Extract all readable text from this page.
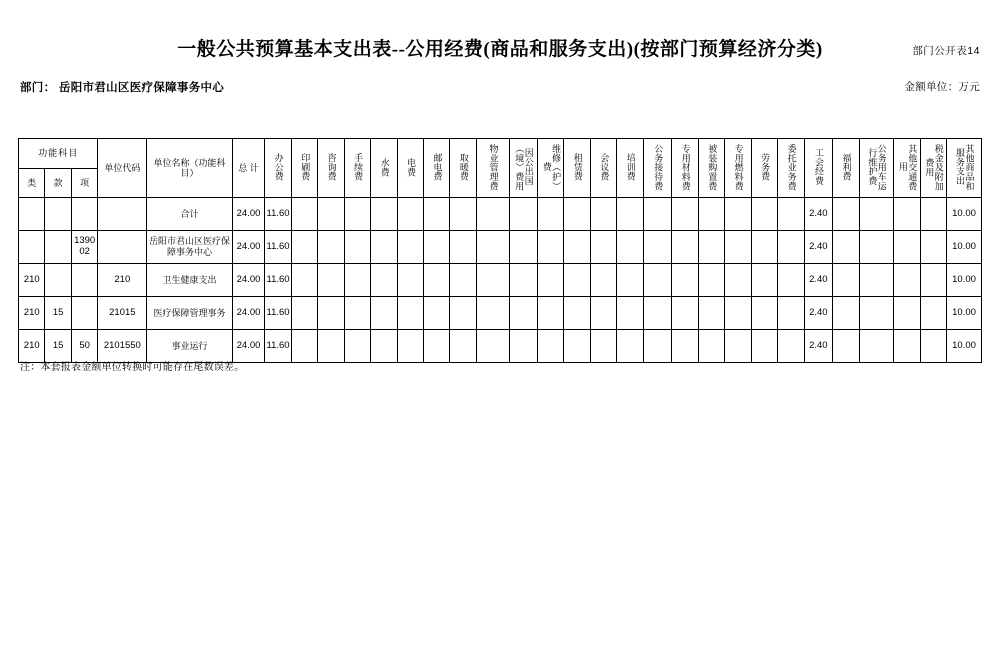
部门公开表14
一般公共预算基本支出表--公用经费(商品和服务支出)(按部门预算经济分类)
部门： 岳阳市君山区医疗保障事务中心	金额单位：万元
功能科目			单位代码	单位名称（功能科目）	总 计	办公费	印刷费	咨询费	手续费	水费	电费	邮电费	取暖费	物业管理费	因公出国（境）费用	维修（护）费	租赁费	会议费	培训费	公务接待费	专用材料费	被装购置费	专用燃料费	劳务费	委托业务费	工会经费	福利费	公务用车运行维护费	其他交通费用	税金及附加费用	其他商品和服务支出
类	款	项																													
				合计	24.00	11.60																				2.40					10.00
		139002		岳阳市君山区医疗保障事务中心	24.00	11.60																				2.40					10.00
210			210	卫生健康支出	24.00	11.60																				2.40					10.00
210	15		21015	医疗保障管理事务	24.00	11.60																				2.40					10.00
210	15	50	2101550	事业运行	24.00	11.60																				2.40					10.00
注：本套报表金额单位转换时可能存在尾数误差。
